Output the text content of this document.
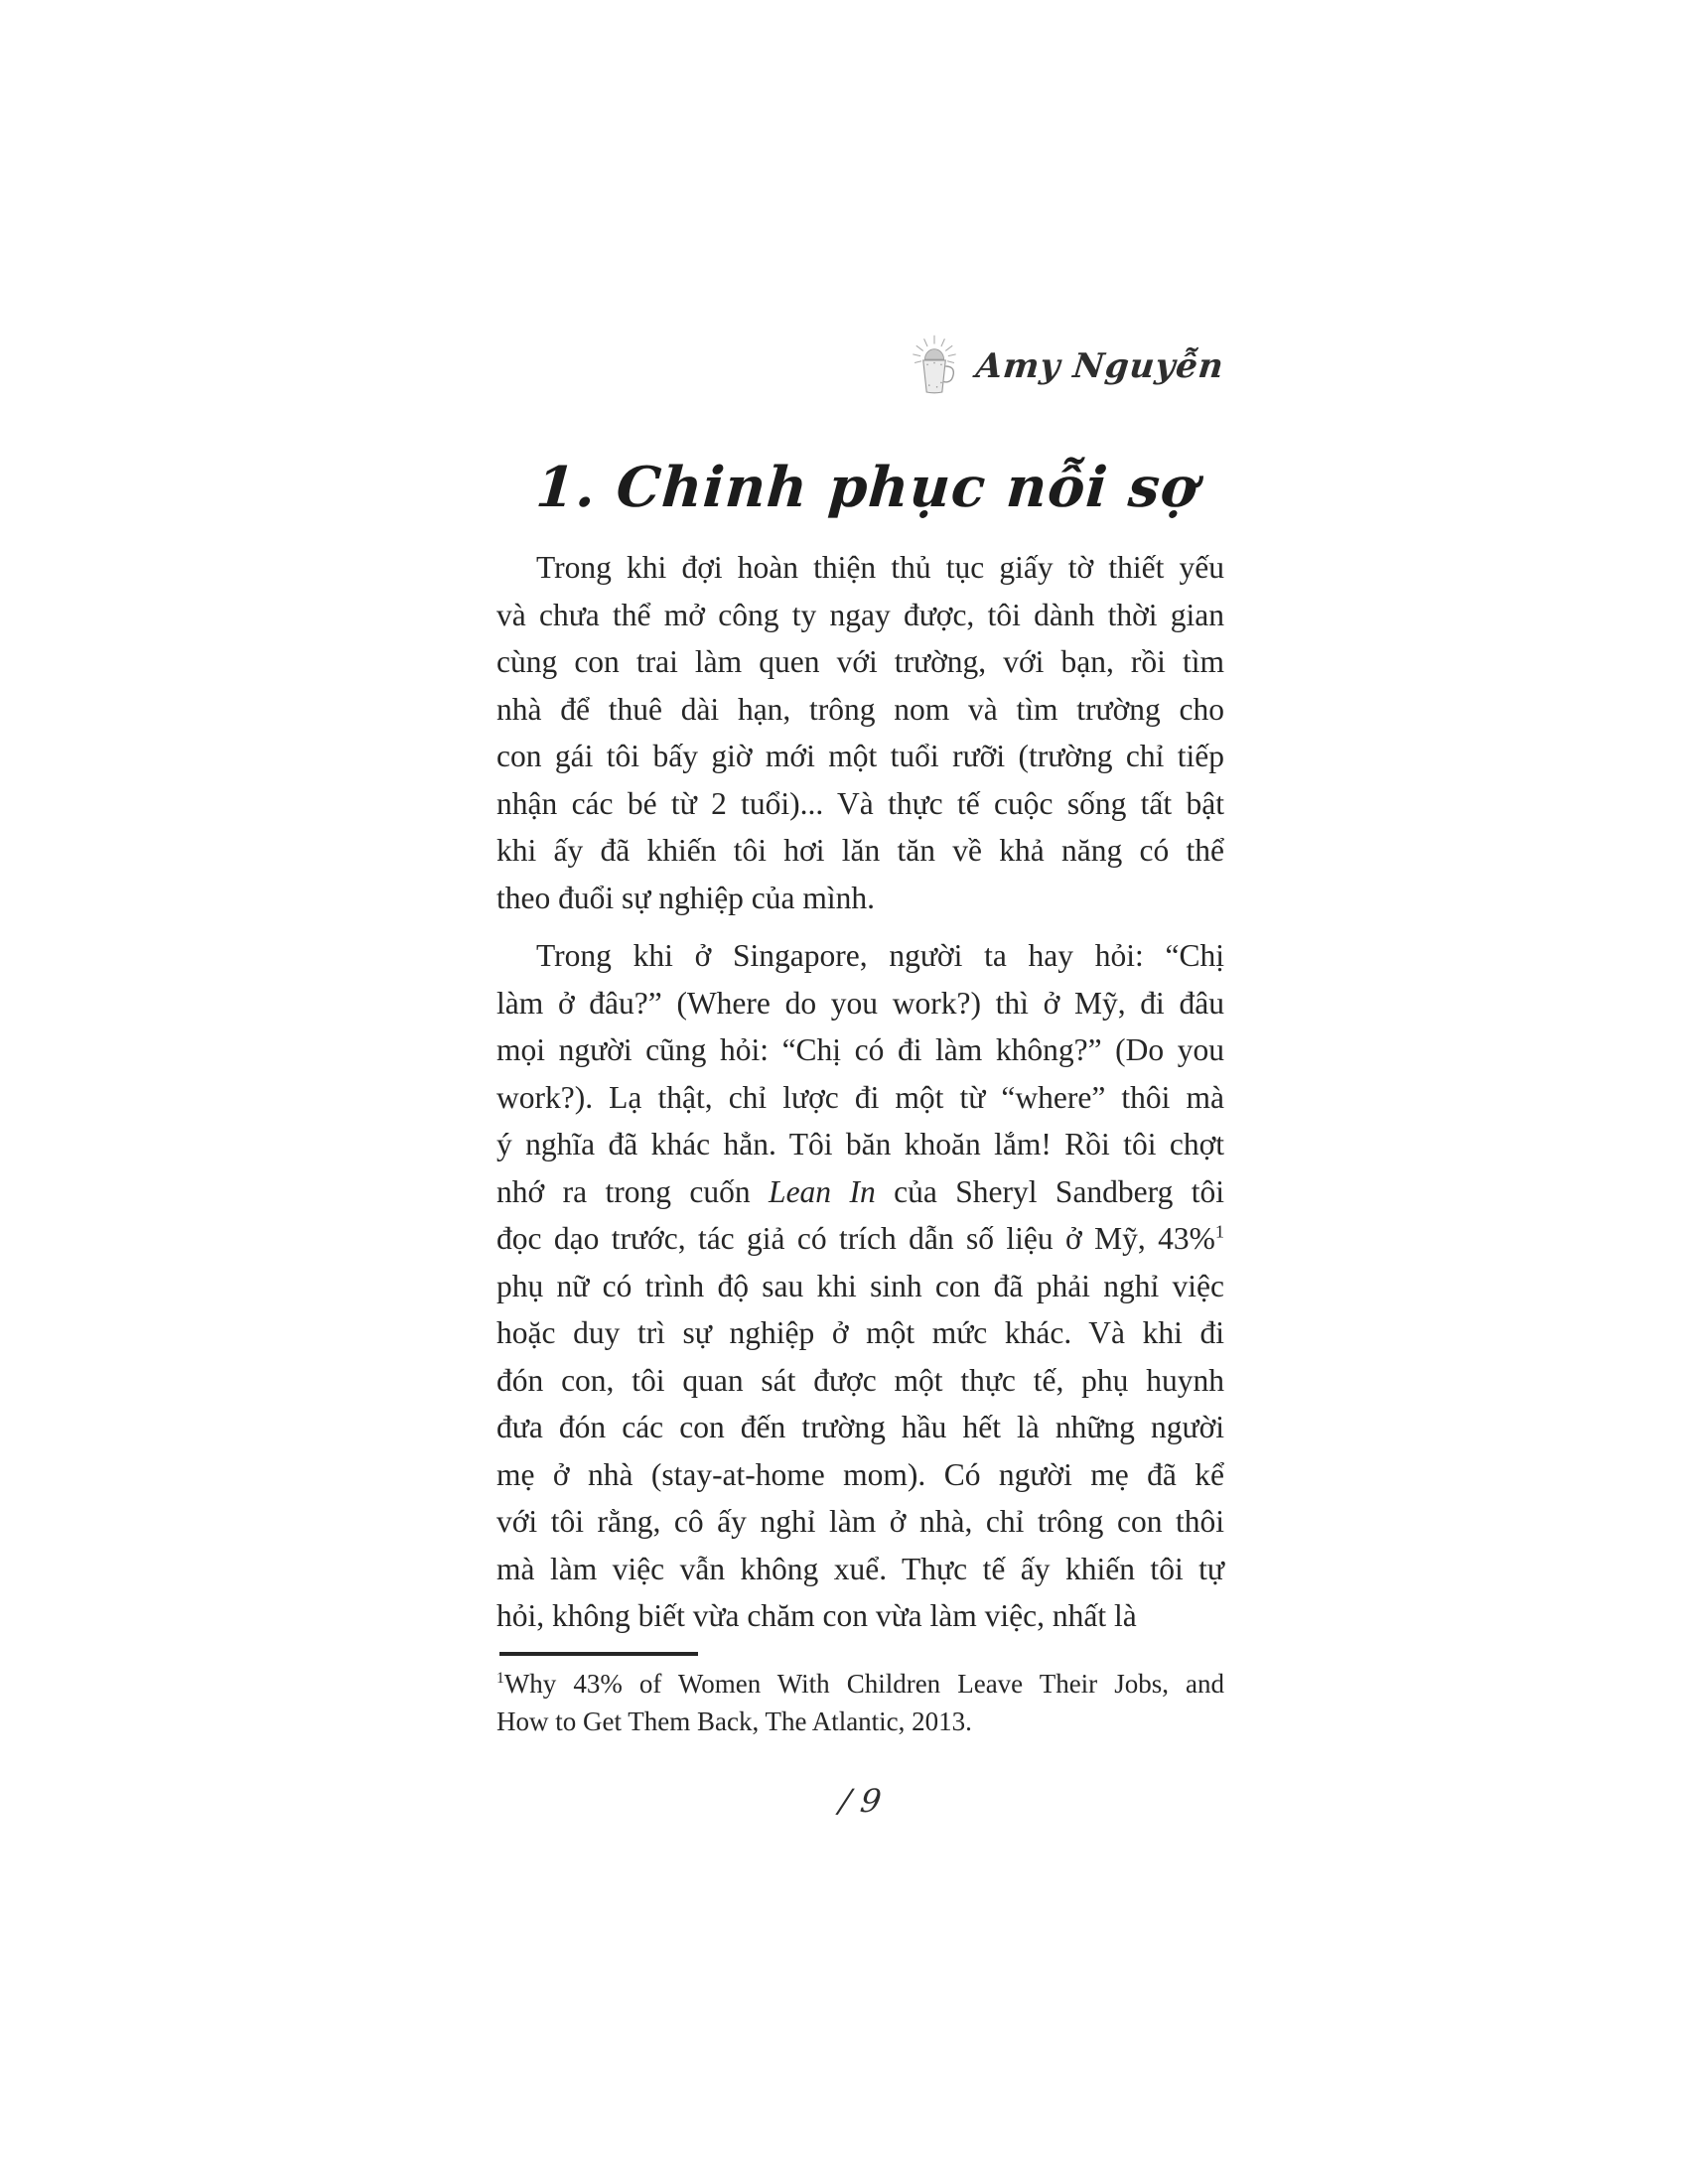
Amy Nguyễn
1. Chinh phục nỗi sợ
Trong khi đợi hoàn thiện thủ tục giấy tờ thiết yếu
và chưa thể mở công ty ngay được, tôi dành thời gian
cùng con trai làm quen với trường, với bạn, rồi tìm
nhà để thuê dài hạn, trông nom và tìm trường cho
con gái tôi bấy giờ mới một tuổi rưỡi (trường chỉ tiếp
nhận các bé từ 2 tuổi)... Và thực tế cuộc sống tất bật
khi ấy đã khiến tôi hơi lăn tăn về khả năng có thể
theo đuổi sự nghiệp của mình.
Trong khi ở Singapore, người ta hay hỏi: “Chị
làm ở đâu?” (Where do you work?) thì ở Mỹ, đi đâu
mọi người cũng hỏi: “Chị có đi làm không?” (Do you
work?). Lạ thật, chỉ lược đi một từ “where” thôi mà
ý nghĩa đã khác hẳn. Tôi băn khoăn lắm! Rồi tôi chợt
nhớ ra trong cuốn Lean In của Sheryl Sandberg tôi
đọc dạo trước, tác giả có trích dẫn số liệu ở Mỹ, 43%$^1$
phụ nữ có trình độ sau khi sinh con đã phải nghỉ việc
hoặc duy trì sự nghiệp ở một mức khác. Và khi đi
đón con, tôi quan sát được một thực tế, phụ huynh
đưa đón các con đến trường hầu hết là những người
mẹ ở nhà (stay-at-home mom). Có người mẹ đã kể
với tôi rằng, cô ấy nghỉ làm ở nhà, chỉ trông con thôi
mà làm việc vẫn không xuể. Thực tế ấy khiến tôi tự
hỏi, không biết vừa chăm con vừa làm việc, nhất là
$^1$Why 43% of Women With Children Leave Their Jobs, and
How to Get Them Back, The Atlantic, 2013.
/ 9
